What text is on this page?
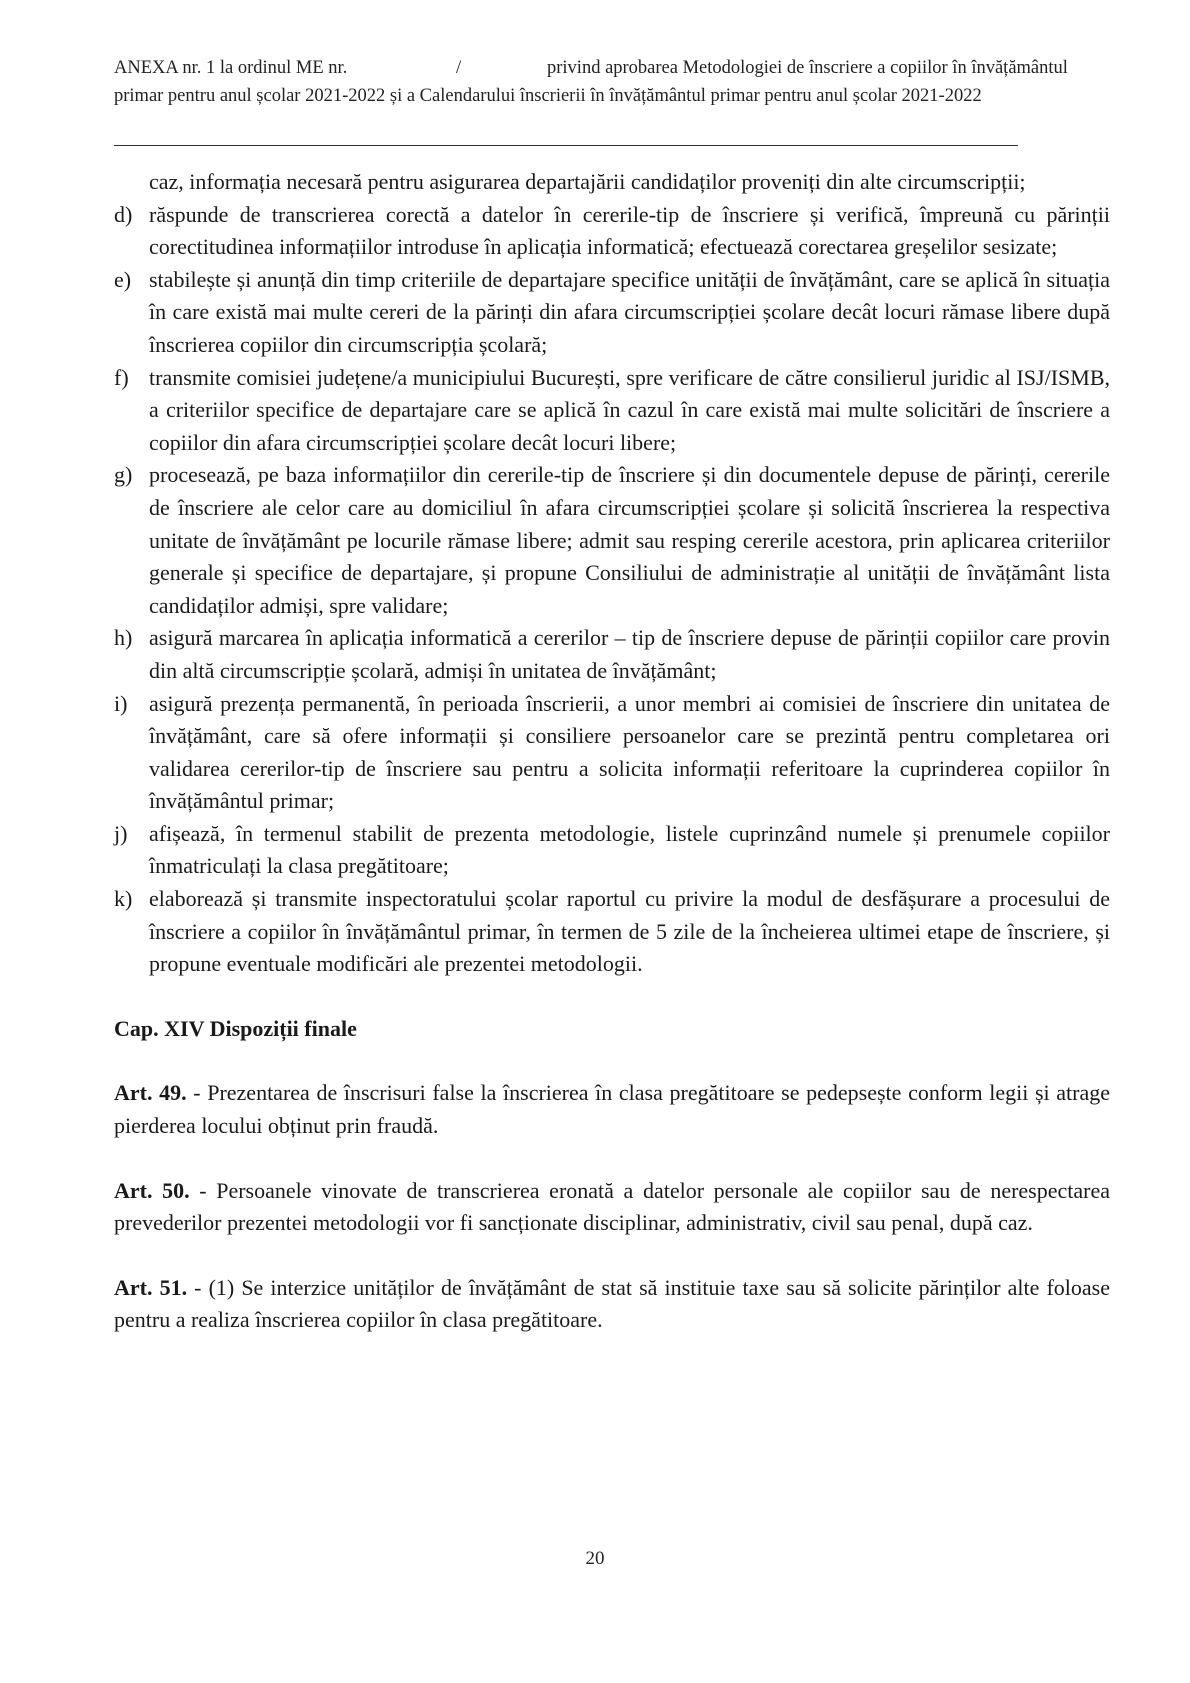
ANEXA nr. 1 la ordinul ME nr.	/	privind aprobarea Metodologiei de înscriere a copiilor în învățământul
primar pentru anul școlar 2021-2022 și a Calendarului înscrierii în învățământul primar pentru anul școlar 2021-2022

caz, informația necesară pentru asigurarea departajării candidaților proveniți din alte circumscripții;

d) răspunde de transcrierea corectă a datelor în cererile-tip de înscriere și verifică, împreună cu părinții corectitudinea informațiilor introduse în aplicația informatică; efectuează corectarea greșelilor sesizate;
e) stabilește și anunță din timp criteriile de departajare specifice unității de învățământ, care se aplică în situația în care există mai multe cereri de la părinți din afara circumscripției școlare decât locuri rămase libere după înscrierea copiilor din circumscripția școlară;
f) transmite comisiei județene/a municipiului București, spre verificare de către consilierul juridic al ISJ/ISMB, a criteriilor specifice de departajare care se aplică în cazul în care există mai multe solicitări de înscriere a copiilor din afara circumscripției școlare decât locuri libere;
g) procesează, pe baza informațiilor din cererile-tip de înscriere și din documentele depuse de părinți, cererile de înscriere ale celor care au domiciliul în afara circumscripției școlare și solicită înscrierea la respectiva unitate de învățământ pe locurile rămase libere; admit sau resping cererile acestora, prin aplicarea criteriilor generale și specifice de departajare, și propune Consiliului de administrație al unității de învățământ lista candidaților admiși, spre validare;
h) asigură marcarea în aplicația informatică a cererilor – tip de înscriere depuse de părinții copiilor care provin din altă circumscripție școlară, admiși în unitatea de învățământ;
i) asigură prezența permanentă, în perioada înscrierii, a unor membri ai comisiei de înscriere din unitatea de învățământ, care să ofere informații și consiliere persoanelor care se prezintă pentru completarea ori validarea cererilor-tip de înscriere sau pentru a solicita informații referitoare la cuprinderea copiilor în învățământul primar;
j) afișează, în termenul stabilit de prezenta metodologie, listele cuprinzând numele și prenumele copiilor înmatriculați la clasa pregătitoare;
k) elaborează și transmite inspectoratului școlar raportul cu privire la modul de desfășurare a procesului de înscriere a copiilor în învățământul primar, în termen de 5 zile de la încheierea ultimei etape de înscriere, și propune eventuale modificări ale prezentei metodologii.
Cap. XIV Dispoziții finale

Art. 49. - Prezentarea de înscrisuri false la înscrierea în clasa pregătitoare se pedepsește conform legii și atrage pierderea locului obținut prin fraudă.

Art. 50. - Persoanele vinovate de transcrierea eronată a datelor personale ale copiilor sau de nerespectarea prevederilor prezentei metodologii vor fi sancționate disciplinar, administrativ, civil sau penal, după caz.

Art. 51. - (1) Se interzice unităților de învățământ de stat să instituie taxe sau să solicite părinților alte foloase pentru a realiza înscrierea copiilor în clasa pregătitoare.

20
